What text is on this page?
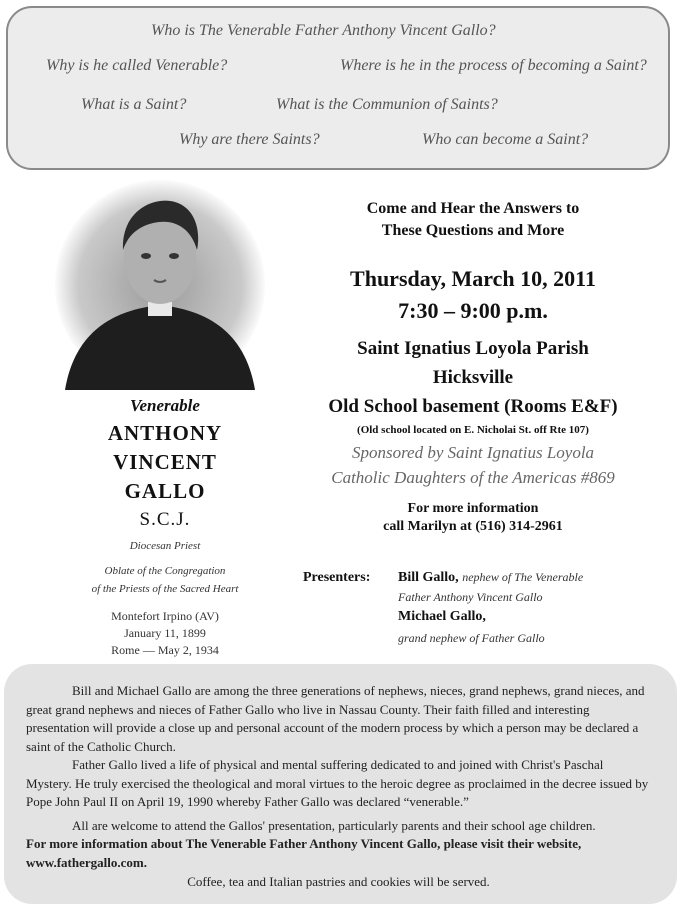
Who is The Venerable Father Anthony Vincent Gallo?
Why is he called Venerable?	Where is he in the process of becoming a Saint?
What is a Saint?	What is the Communion of Saints?
Why are there Saints?	Who can become a Saint?
Venerable
ANTHONY
VINCENT
GALLO
S.C.J.
Diocesan Priest
Oblate of the Congregation
of the Priests of the Sacred Heart
Montefort Irpino (AV)
January 11, 1899
Rome — May 2, 1934
Come and Hear the Answers to
These Questions and More
Thursday, March 10, 2011
7:30 – 9:00 p.m.
Saint Ignatius Loyola Parish
Hicksville
Old School basement (Rooms E&F)
(Old school located on E. Nicholai St. off Rte 107)
Sponsored by Saint Ignatius Loyola
Catholic Daughters of the Americas #869
For more information
call Marilyn at (516) 314-2961
Presenters: Bill Gallo, nephew of The Venerable
Father Anthony Vincent Gallo
Michael Gallo,
grand nephew of Father Gallo
Bill and Michael Gallo are among the three generations of nephews, nieces, grand nephews, grand nieces, and great grand nephews and nieces of Father Gallo who live in Nassau County. Their faith filled and interesting presentation will provide a close up and personal account of the modern process by which a person may be declared a saint of the Catholic Church.
Father Gallo lived a life of physical and mental suffering dedicated to and joined with Christ's Paschal Mystery. He truly exercised the theological and moral virtues to the heroic degree as proclaimed in the decree issued by Pope John Paul II on April 19, 1990 whereby Father Gallo was declared “venerable.”
All are welcome to attend the Gallos' presentation, particularly parents and their school age children.
For more information about The Venerable Father Anthony Vincent Gallo, please visit their website, www.fathergallo.com.
Coffee, tea and Italian pastries and cookies will be served.
